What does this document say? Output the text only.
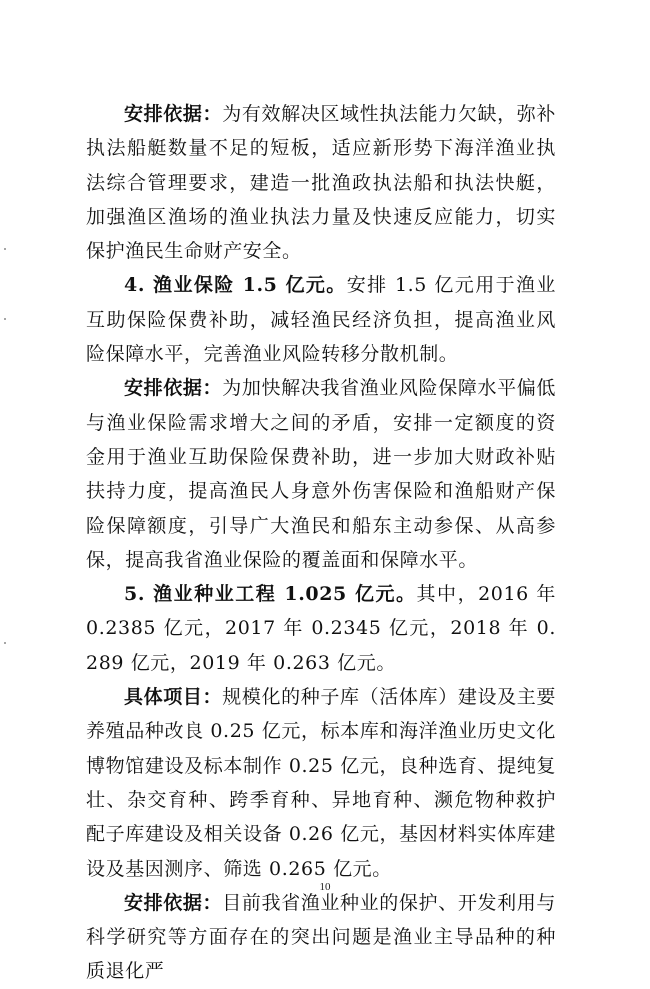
安排依据：为有效解决区域性执法能力欠缺，弥补执法船艇数量不足的短板，适应新形势下海洋渔业执法综合管理要求，建造一批渔政执法船和执法快艇，加强渔区渔场的渔业执法力量及快速反应能力，切实保护渔民生命财产安全。

4. 渔业保险 1.5 亿元。安排 1.5 亿元用于渔业互助保险保费补助，减轻渔民经济负担，提高渔业风险保障水平，完善渔业风险转移分散机制。

安排依据：为加快解决我省渔业风险保障水平偏低与渔业保险需求增大之间的矛盾，安排一定额度的资金用于渔业互助保险保费补助，进一步加大财政补贴扶持力度，提高渔民人身意外伤害保险和渔船财产保险保障额度，引导广大渔民和船东主动参保、从高参保，提高我省渔业保险的覆盖面和保障水平。

5. 渔业种业工程 1.025 亿元。其中，2016 年 0.2385 亿元，2017 年 0.2345 亿元，2018 年 0.289 亿元，2019 年 0.263 亿元。

具体项目：规模化的种子库（活体库）建设及主要养殖品种改良 0.25 亿元，标本库和海洋渔业历史文化博物馆建设及标本制作 0.25 亿元，良种选育、提纯复壮、杂交育种、跨季育种、异地育种、濒危物种救护配子库建设及相关设备 0.26 亿元，基因材料实体库建设及基因测序、筛选 0.265 亿元。

安排依据：目前我省渔业种业的保护、开发利用与科学研究等方面存在的突出问题是渔业主导品种的种质退化严

10
